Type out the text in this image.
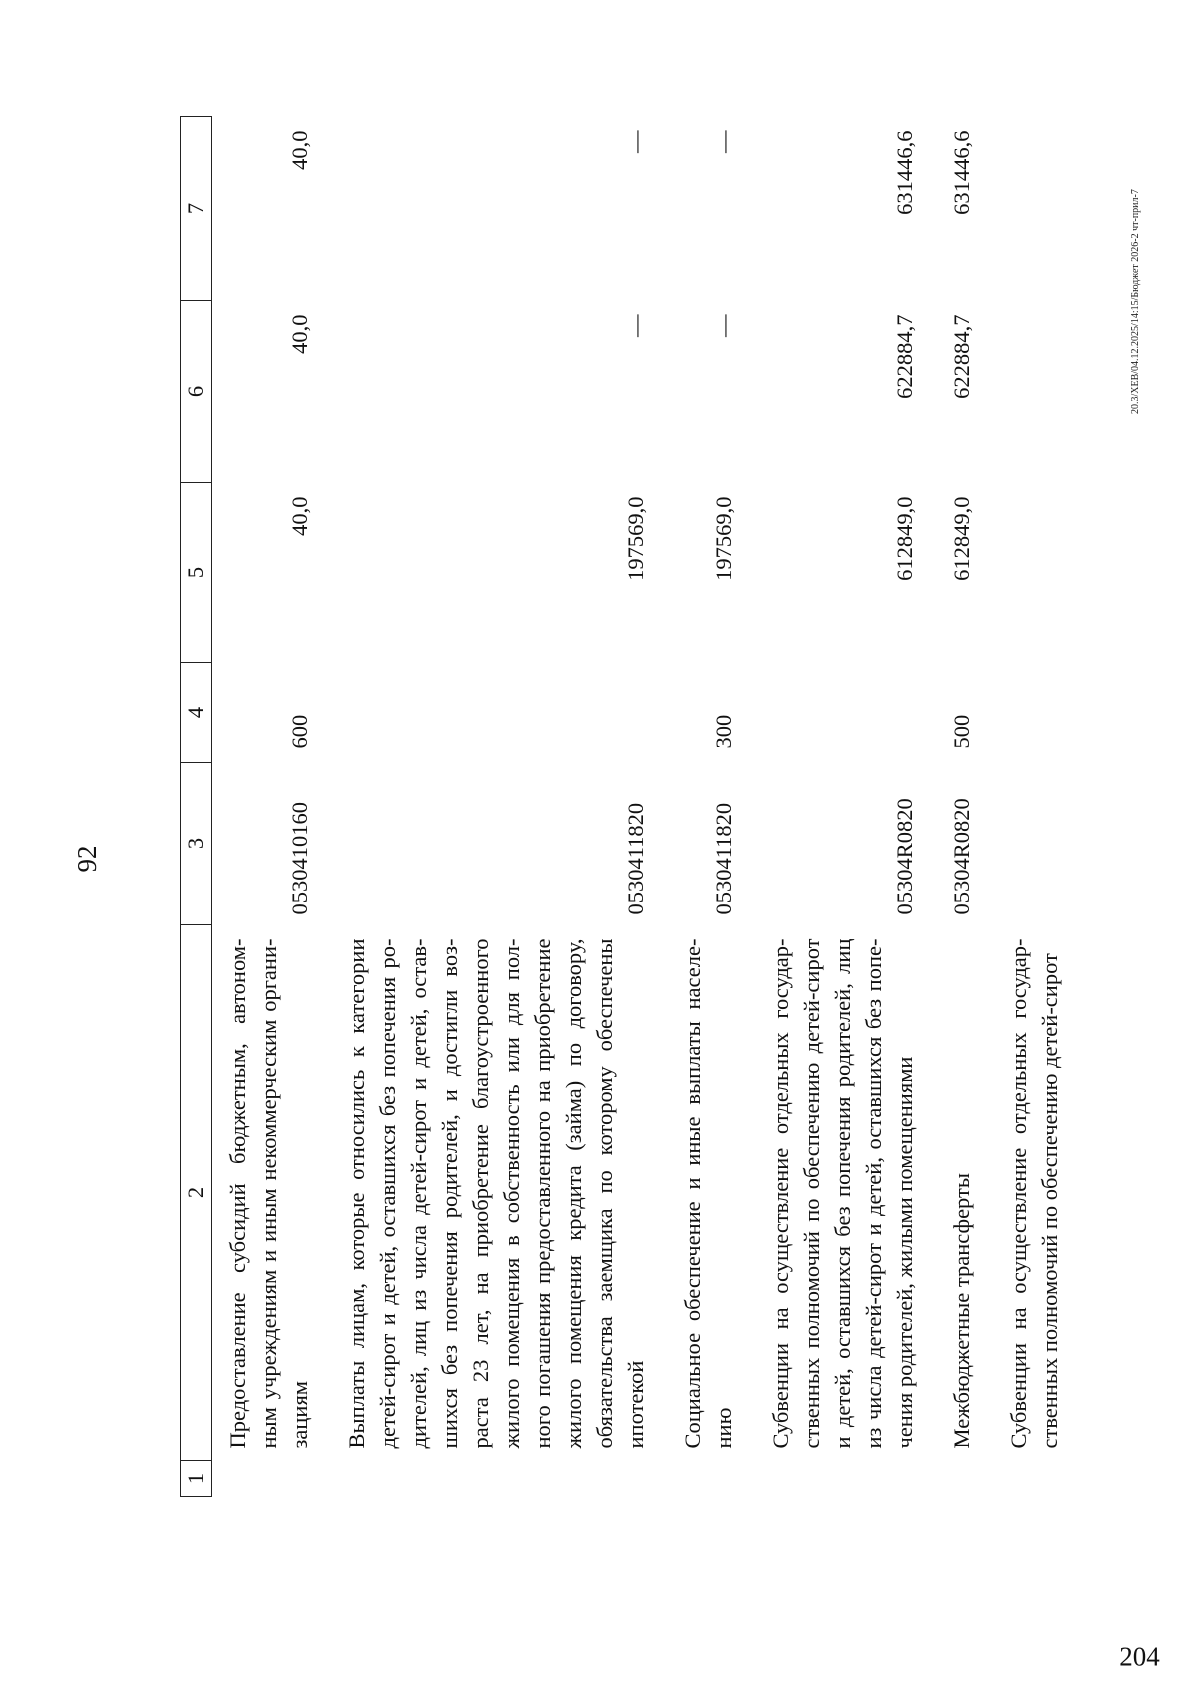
92
1	2	3	4	5	6	7
	Предоставление субсидий бюджетным, автоном- ным учреждениям и иным некоммерческим органи- зациям	0530410160	600	40,0	40,0	40,0
	Выплаты лицам, которые относились к категории детей-сирот и детей, оставшихся без попечения ро- дителей, лиц из числа детей-сирот и детей, остав- шихся без попечения родителей, и достигли воз- раста 23 лет, на приобретение благоустроенного жилого помещения в собственность или для пол- ного погашения предоставленного на приобретение жилого помещения кредита (займа) по договору, обязательства заемщика по которому обеспечены ипотекой	0530411820		197569,0	—	—
	Социальное обеспечение и иные выплаты населе- нию	0530411820	300	197569,0	—	—
	Субвенции на осуществление отдельных государ- ственных полномочий по обеспечению детей-сирот и детей, оставшихся без попечения родителей, лиц из числа детей-сирот и детей, оставшихся без попе- чения родителей, жилыми помещениями	05304R0820		612849,0	622884,7	631446,6
	Межбюджетные трансферты	05304R0820	500	612849,0	622884,7	631446,6
	Субвенции на осуществление отдельных государ- ственных полномочий по обеспечению детей-сирот					
20.3/XEB/04.12.2025/14:15/Бюджет 2026-2 чт-прил-7
204
